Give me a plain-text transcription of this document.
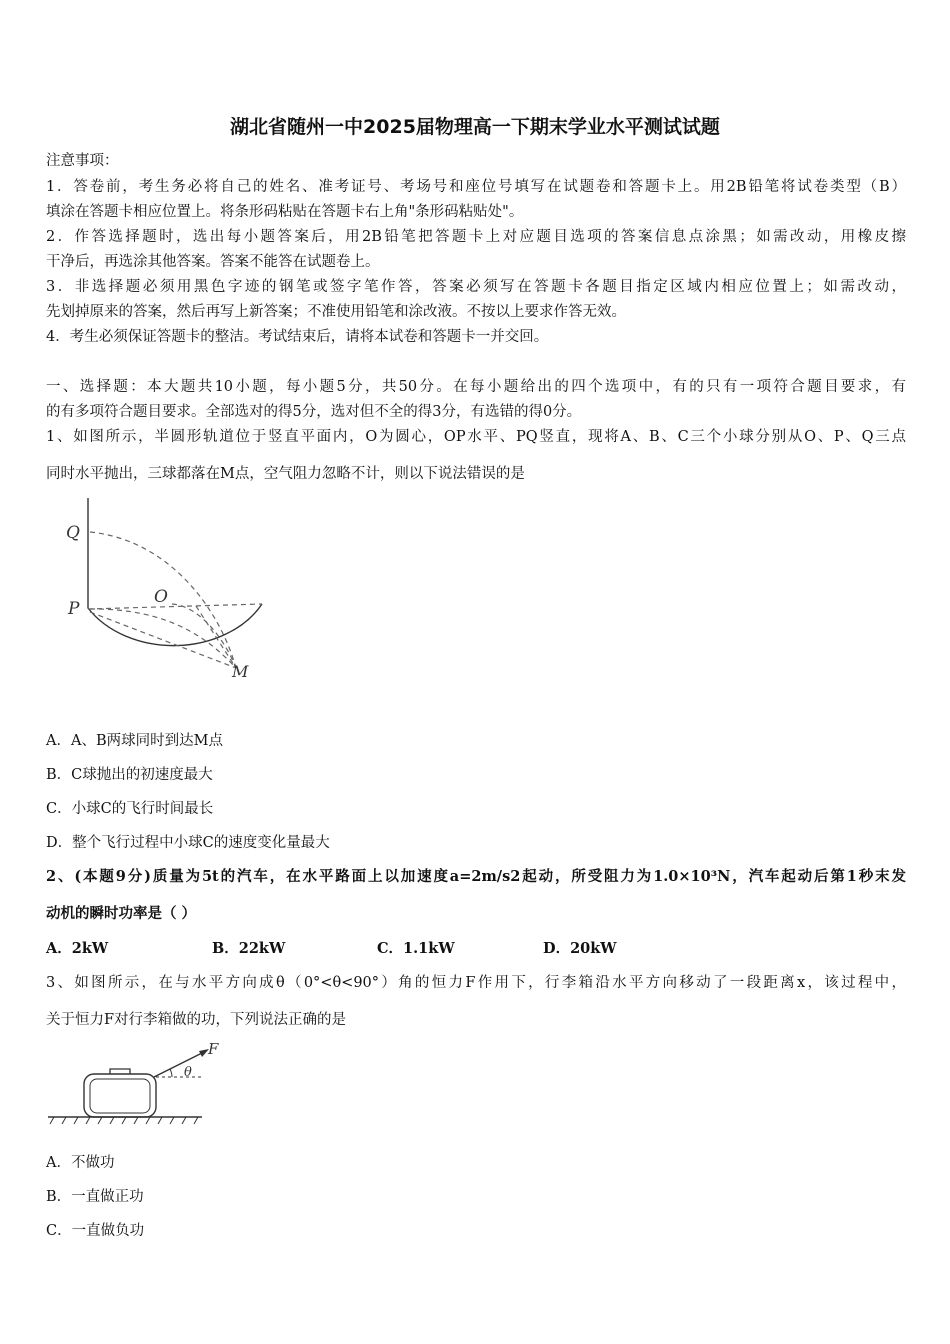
湖北省随州一中2025届物理高一下期末学业水平测试试题
注意事项：
1．答卷前，考生务必将自己的姓名、准考证号、考场号和座位号填写在试题卷和答题卡上。用2B铅笔将试卷类型（B）
填涂在答题卡相应位置上。将条形码粘贴在答题卡右上角"条形码粘贴处"。
2．作答选择题时，选出每小题答案后，用2B铅笔把答题卡上对应题目选项的答案信息点涂黑；如需改动，用橡皮擦
干净后，再选涂其他答案。答案不能答在试题卷上。
3．非选择题必须用黑色字迹的钢笔或签字笔作答，答案必须写在答题卡各题目指定区域内相应位置上；如需改动，
先划掉原来的答案，然后再写上新答案；不准使用铅笔和涂改液。不按以上要求作答无效。
4．考生必须保证答题卡的整洁。考试结束后，请将本试卷和答题卡一并交回。
一、选择题：本大题共10小题，每小题5分，共50分。在每小题给出的四个选项中，有的只有一项符合题目要求，有
的有多项符合题目要求。全部选对的得5分，选对但不全的得3分，有选错的得0分。
1、如图所示，半圆形轨道位于竖直平面内，O为圆心，OP水平、PQ竖直，现将A、B、C三个小球分别从O、P、Q三点
同时水平抛出，三球都落在M点，空气阻力忽略不计，则以下说法错误的是
Q
P
O
M
A．A、B两球同时到达M点
B．C球抛出的初速度最大
C．小球C的飞行时间最长
D．整个飞行过程中小球C的速度变化量最大
2、(本题9分)质量为5t的汽车，在水平路面上以加速度a=2m/s2起动，所受阻力为1.0×10³N，汽车起动后第1秒末发
动机的瞬时功率是（ ）
A．2kW	B．22kW	C．1.1kW	D．20kW
3、如图所示，在与水平方向成θ（0°<θ<90°）角的恒力F作用下，行李箱沿水平方向移动了一段距离x，该过程中，
关于恒力F对行李箱做的功，下列说法正确的是
F
θ
A．不做功
B．一直做正功
C．一直做负功
